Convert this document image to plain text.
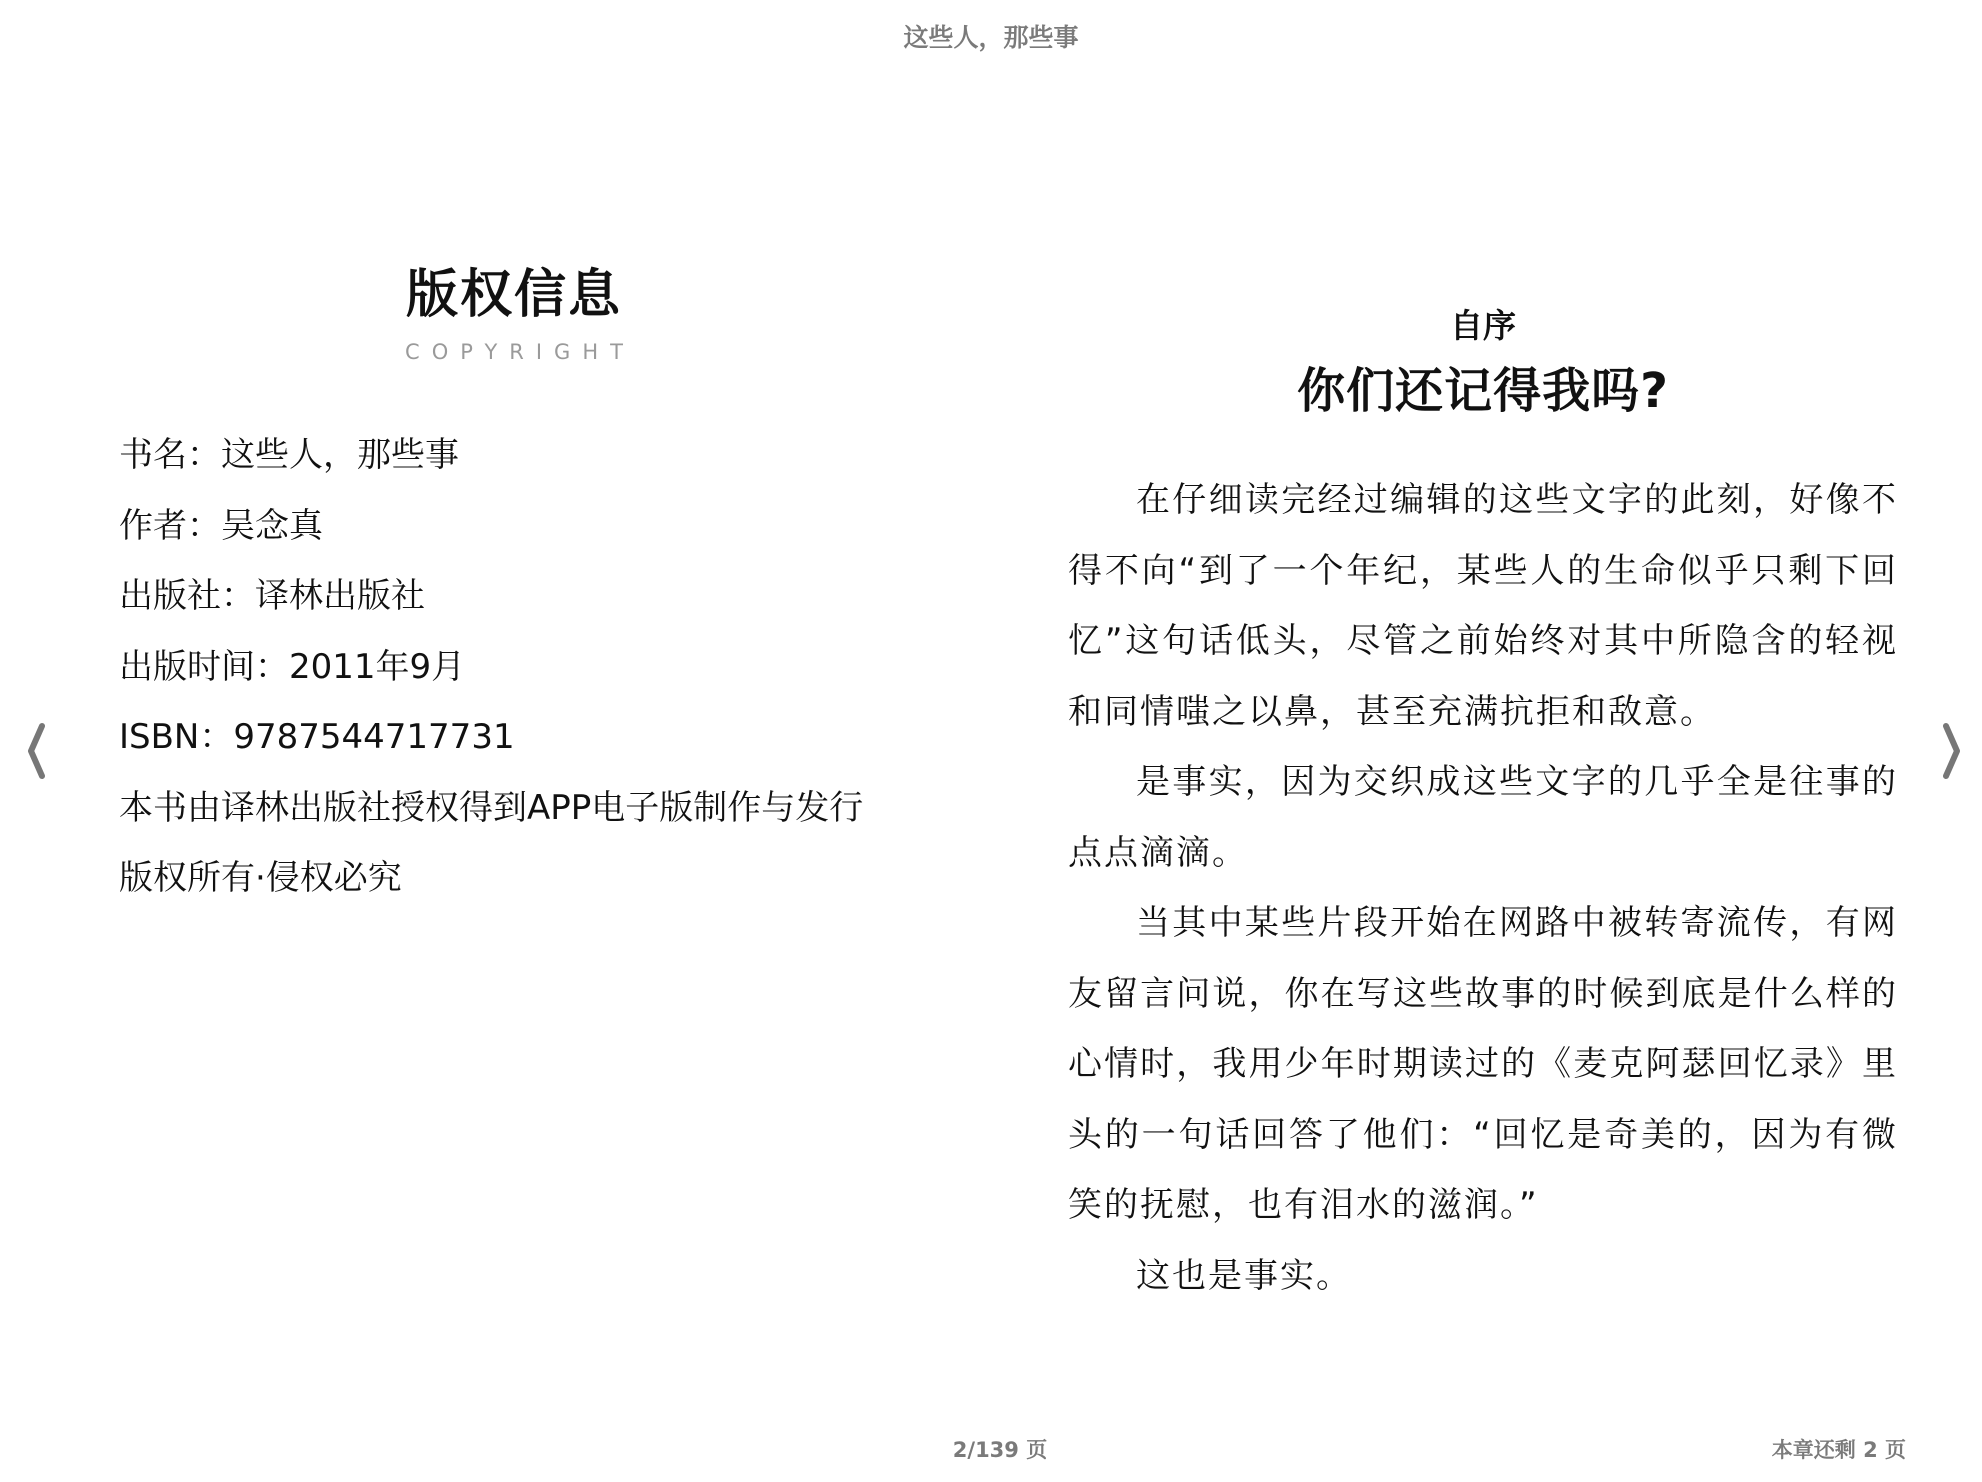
这些人，那些事
版权信息
COPYRIGHT
书名：这些人，那些事
作者：吴念真
出版社：译林出版社
出版时间：2011年9月
ISBN：9787544717731
本书由译林出版社授权得到APP电子版制作与发行
版权所有·侵权必究
自序
你们还记得我吗?

在仔细读完经过编辑的这些文字的此刻，好像不得不向“到了一个年纪，某些人的生命似乎只剩下回忆”这句话低头，尽管之前始终对其中所隐含的轻视和同情嗤之以鼻，甚至充满抗拒和敌意。

是事实，因为交织成这些文字的几乎全是往事的点点滴滴。

当其中某些片段开始在网路中被转寄流传，有网友留言问说，你在写这些故事的时候到底是什么样的心情时，我用少年时期读过的《麦克阿瑟回忆录》里头的一句话回答了他们：“回忆是奇美的，因为有微笑的抚慰，也有泪水的滋润。”

这也是事实。

2/139 页	本章还剩 2 页
